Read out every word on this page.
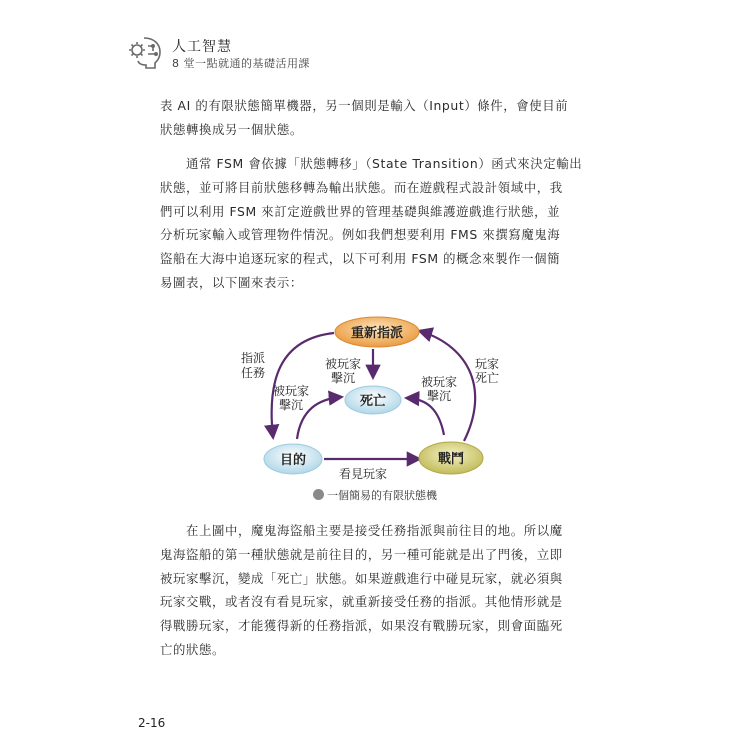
人工智慧
8 堂一點就通的基礎活用課

表 AI 的有限狀態簡單機器，另一個則是輸入（Input）條件，會使目前

狀態轉換成另一個狀態。

通常 FSM 會依據「狀態轉移」（State Transition）函式來決定輸出

狀態，並可將目前狀態移轉為輸出狀態。而在遊戲程式設計領域中，我

們可以利用 FSM 來訂定遊戲世界的管理基礎與維護遊戲進行狀態，並

分析玩家輸入或管理物件情況。例如我們想要利用 FMS 來撰寫魔鬼海

盜船在大海中追逐玩家的程式，以下可利用 FSM 的概念來製作一個簡

易圖表，以下圖來表示：

重新指派
死亡
目的	戰鬥
指派
任務
被玩家
擊沉
被玩家
擊沉
被玩家
擊沉
玩家
死亡
看見玩家
一個簡易的有限狀態機

在上圖中，魔鬼海盜船主要是接受任務指派與前往目的地。所以魔

鬼海盜船的第一種狀態就是前往目的，另一種可能就是出了門後，立即

被玩家擊沉，變成「死亡」狀態。如果遊戲進行中碰見玩家，就必須與

玩家交戰，或者沒有看見玩家，就重新接受任務的指派。其他情形就是

得戰勝玩家，才能獲得新的任務指派，如果沒有戰勝玩家，則會面臨死

亡的狀態。

2-16
